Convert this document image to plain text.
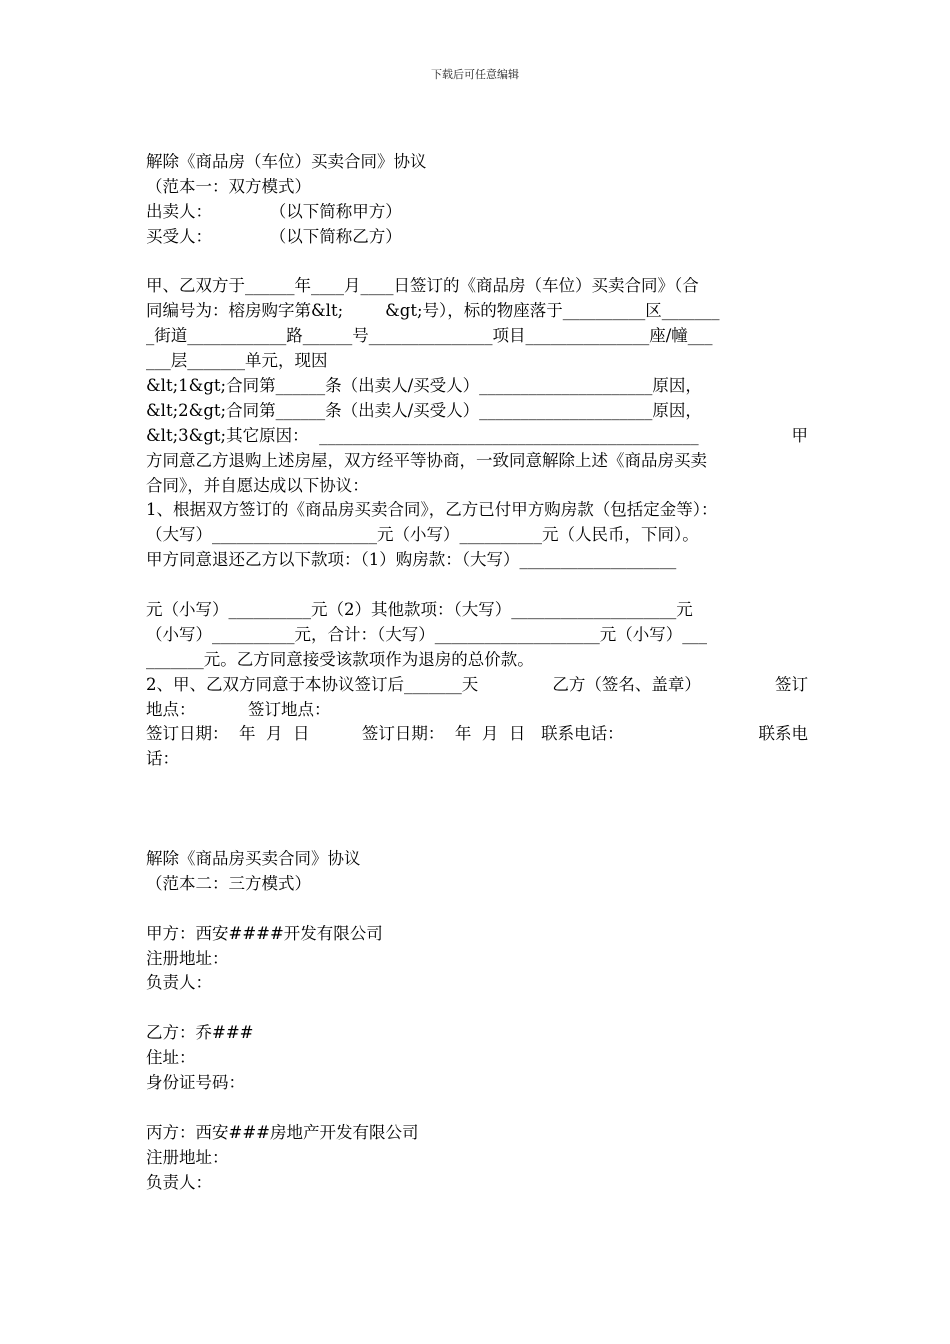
下载后可任意编辑
解除《商品房（车位）买卖合同》协议
（范本一：双方模式）
出卖人：           （以下简称甲方）
买受人：           （以下简称乙方）
甲、乙双方于______年____月____日签订的《商品房（车位）买卖合同》（合
同编号为：榕房购字第&lt;        &gt;号），标的物座落于__________区_______
_街道____________路______号_______________项目_______________座/幢___
___层_______单元，现因
&lt;1&gt;合同第______条（出卖人/买受人）_____________________原因，
&lt;2&gt;合同第______条（出卖人/买受人）_____________________原因，
&lt;3&gt;其它原因：  ______________________________________________	甲
方同意乙方退购上述房屋，双方经平等协商，一致同意解除上述《商品房买卖
合同》，并自愿达成以下协议：
1、根据双方签订的《商品房买卖合同》，乙方已付甲方购房款（包括定金等）：
（大写）____________________元（小写）__________元（人民币，下同）。
甲方同意退还乙方以下款项：（1）购房款：（大写）___________________
元（小写）__________元（2）其他款项：（大写）____________________元
（小写）__________元，合计：（大写）____________________元（小写）___
_______元。乙方同意接受该款项作为退房的总价款。
2、甲、乙双方同意于本协议签订后_______天	乙方（签名、盖章）	签订
地点：          签订地点：
签订日期：  年  月  日          签订日期：  年  月  日   联系电话：	联系电
话：
解除《商品房买卖合同》协议
（范本二：三方模式）
甲方：西安####开发有限公司
注册地址：
负责人：
乙方：乔###
住址：
身份证号码：
丙方：西安###房地产开发有限公司
注册地址：
负责人：
